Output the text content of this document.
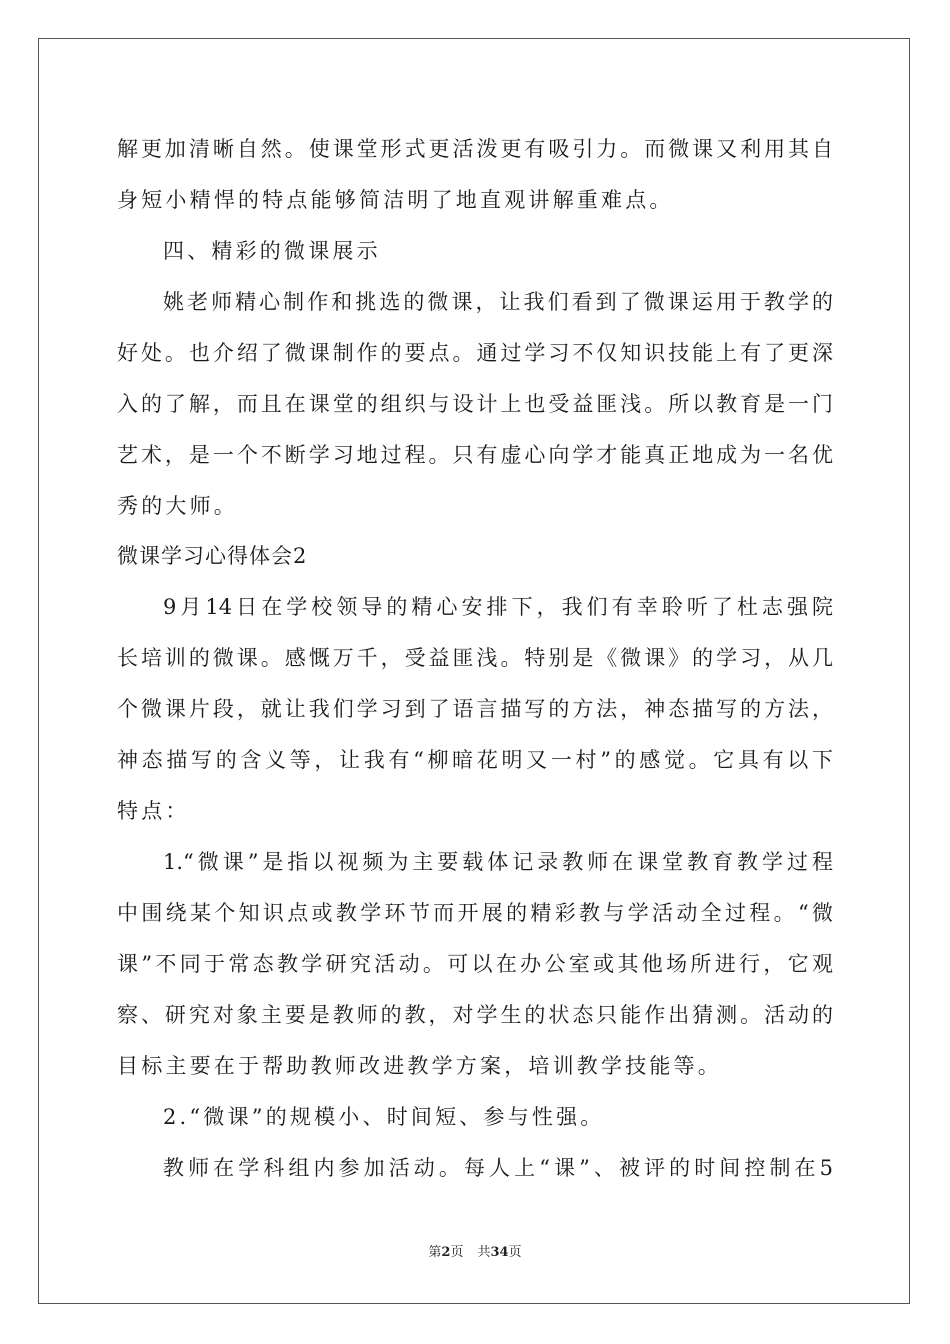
解更加清晰自然。使课堂形式更活泼更有吸引力。而微课又利用其自
身短小精悍的特点能够简洁明了地直观讲解重难点。
四、精彩的微课展示
姚老师精心制作和挑选的微课，让我们看到了微课运用于教学的
好处。也介绍了微课制作的要点。通过学习不仅知识技能上有了更深
入的了解，而且在课堂的组织与设计上也受益匪浅。所以教育是一门
艺术，是一个不断学习地过程。只有虚心向学才能真正地成为一名优
秀的大师。
微课学习心得体会2
9月14日在学校领导的精心安排下，我们有幸聆听了杜志强院
长培训的微课。感慨万千，受益匪浅。特别是《微课》的学习，从几
个微课片段，就让我们学习到了语言描写的方法，神态描写的方法，
神态描写的含义等，让我有“柳暗花明又一村”的感觉。它具有以下
特点：
1.“微课”是指以视频为主要载体记录教师在课堂教育教学过程
中围绕某个知识点或教学环节而开展的精彩教与学活动全过程。“微
课”不同于常态教学研究活动。可以在办公室或其他场所进行，它观
察、研究对象主要是教师的教，对学生的状态只能作出猜测。活动的
目标主要在于帮助教师改进教学方案，培训教学技能等。
2.“微课”的规模小、时间短、参与性强。
教师在学科组内参加活动。每人上“课”、被评的时间控制在5
第2页 共34页
